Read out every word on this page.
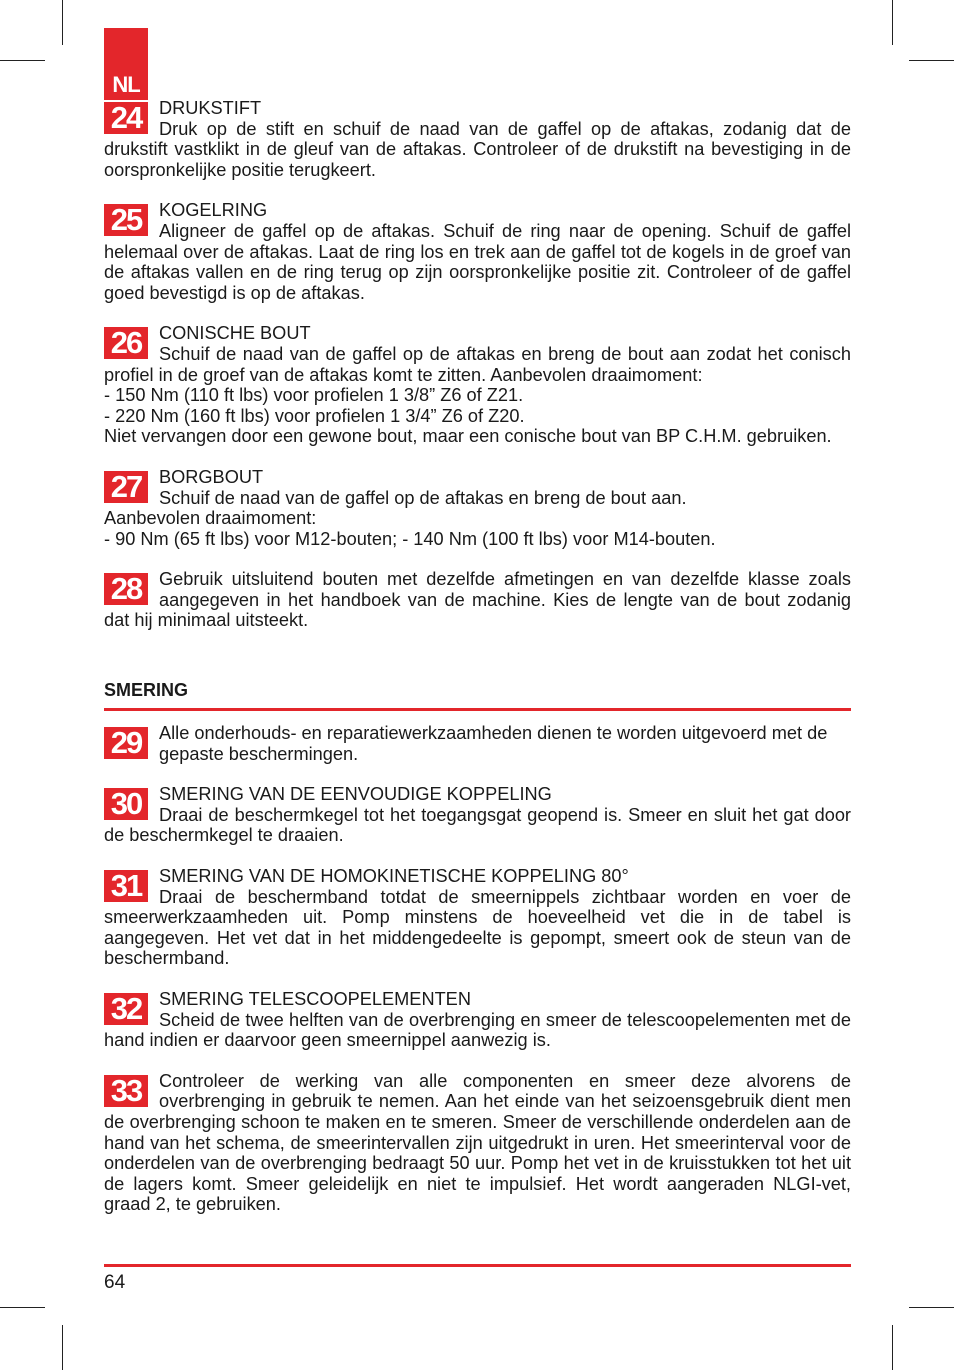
NL
24 DRUKSTIFT
Druk op de stift en schuif de naad van de gaffel op de aftakas, zodanig dat de drukstift vastklikt in de gleuf van de aftakas. Controleer of de drukstift na bevestiging in de oorspronkelijke positie terugkeert.
25 KOGELRING
Aligneer de gaffel op de aftakas. Schuif de ring naar de opening. Schuif de gaffel helemaal over de aftakas. Laat de ring los en trek aan de gaffel tot de kogels in de groef van de aftakas vallen en de ring terug op zijn oorspronkelijke positie zit. Controleer of de gaffel goed bevestigd is op de aftakas.
26 CONISCHE BOUT
Schuif de naad van de gaffel op de aftakas en breng de bout aan zodat het conisch profiel in de groef van de aftakas komt te zitten. Aanbevolen draaimoment:
- 150 Nm (110 ft lbs) voor profielen 1 3/8” Z6 of Z21.
- 220 Nm (160 ft lbs) voor profielen 1 3/4” Z6 of Z20.
Niet vervangen door een gewone bout, maar een conische bout van BP C.H.M. gebruiken.
27 BORGBOUT
Schuif de naad van de gaffel op de aftakas en breng de bout aan.
Aanbevolen draaimoment:
- 90 Nm (65 ft lbs) voor M12-bouten; - 140 Nm (100 ft lbs) voor M14-bouten.
28 Gebruik uitsluitend bouten met dezelfde afmetingen en van dezelfde klasse zoals aangegeven in het handboek van de machine. Kies de lengte van de bout zodanig dat hij minimaal uitsteekt.
SMERING
29 Alle onderhouds- en reparatiewerkzaamheden dienen te worden uitgevoerd met de gepaste beschermingen.
30 SMERING VAN DE EENVOUDIGE KOPPELING
Draai de beschermkegel tot het toegangsgat geopend is. Smeer en sluit het gat door de beschermkegel te draaien.
31 SMERING VAN DE HOMOKINETISCHE KOPPELING 80°
Draai de beschermband totdat de smeernippels zichtbaar worden en voer de smeerwerkzaamheden uit. Pomp minstens de hoeveelheid vet die in de tabel is aangegeven. Het vet dat in het middengedeelte is gepompt, smeert ook de steun van de beschermband.
32 SMERING TELESCOOPELEMENTEN
Scheid de twee helften van de overbrenging en smeer de telescoopelementen met de hand indien er daarvoor geen smeernippel aanwezig is.
33 Controleer de werking van alle componenten en smeer deze alvorens de overbrenging in gebruik te nemen. Aan het einde van het seizoensgebruik dient men de overbrenging schoon te maken en te smeren. Smeer de verschillende onderdelen aan de hand van het schema, de smeerintervallen zijn uitgedrukt in uren. Het smeerinterval voor de onderdelen van de overbrenging bedraagt 50 uur. Pomp het vet in de kruisstukken tot het uit de lagers komt. Smeer geleidelijk en niet te impulsief. Het wordt aangeraden NLGI-vet, graad 2, te gebruiken.
64
